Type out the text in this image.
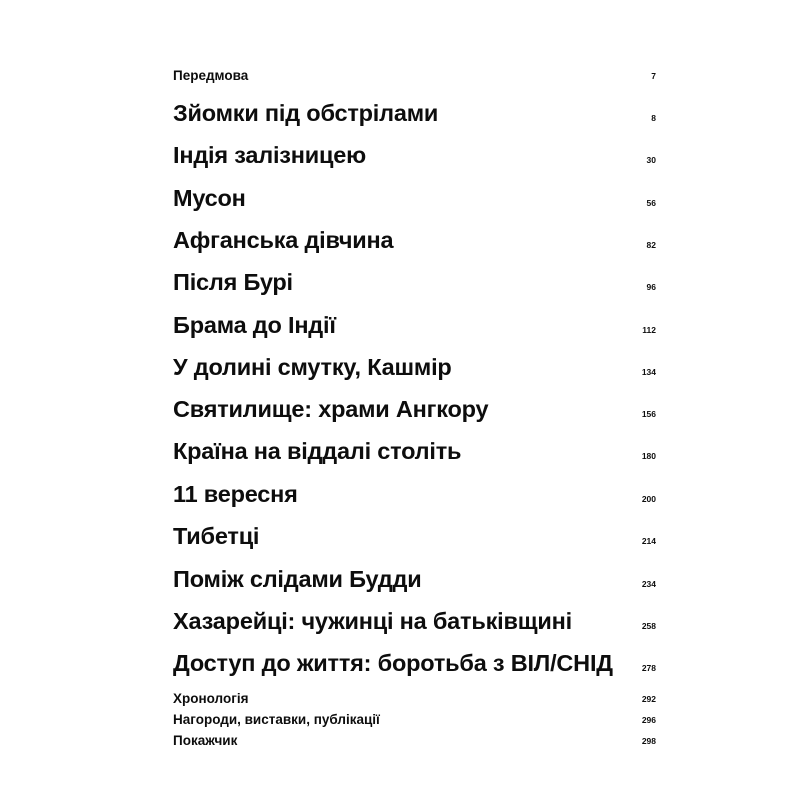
Передмова	7
Зйомки під обстрілами	8
Індія залізницею	30
Мусон	56
Афганська дівчина	82
Після Бурі	96
Брама до Індії	112
У долині смутку, Кашмір	134
Святилище: храми Ангкору	156
Країна на віддалі століть	180
11 вересня	200
Тибетці	214
Поміж слідами Будди	234
Хазарейці: чужинці на батьківщині	258
Доступ до життя: боротьба з ВІЛ/СНІД	278
Хронологія	292
Нагороди, виставки, публікації	296
Покажчик	298
